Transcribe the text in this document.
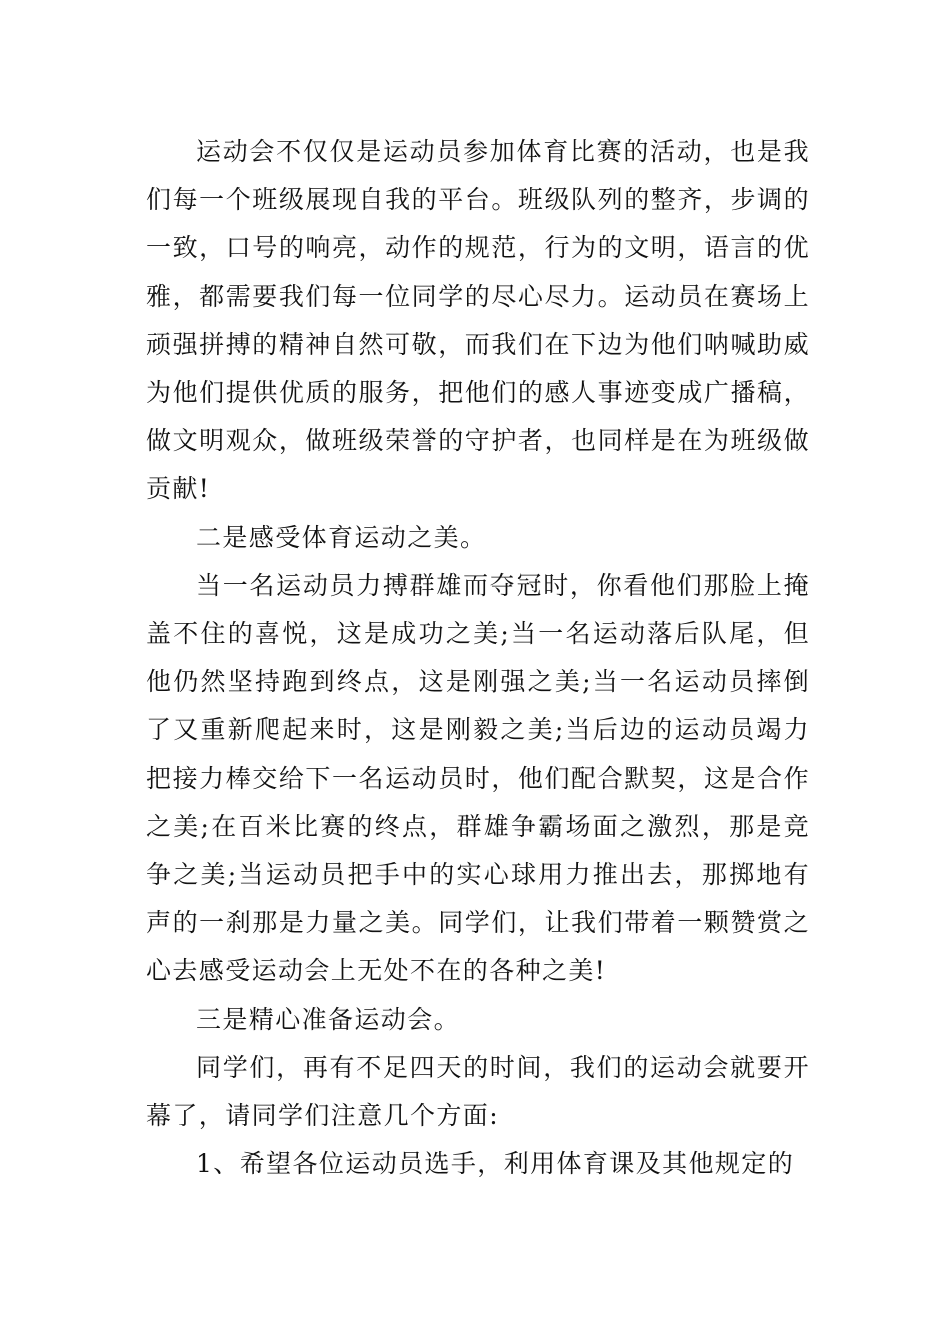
运动会不仅仅是运动员参加体育比赛的活动，也是我们每一个班级展现自我的平台。班级队列的整齐，步调的一致，口号的响亮，动作的规范，行为的文明，语言的优雅，都需要我们每一位同学的尽心尽力。运动员在赛场上顽强拼搏的精神自然可敬，而我们在下边为他们呐喊助威为他们提供优质的服务，把他们的感人事迹变成广播稿，做文明观众，做班级荣誉的守护者，也同样是在为班级做贡献!

二是感受体育运动之美。

当一名运动员力搏群雄而夺冠时，你看他们那脸上掩盖不住的喜悦，这是成功之美;当一名运动落后队尾，但他仍然坚持跑到终点，这是刚强之美;当一名运动员摔倒了又重新爬起来时，这是刚毅之美;当后边的运动员竭力把接力棒交给下一名运动员时，他们配合默契，这是合作之美;在百米比赛的终点，群雄争霸场面之激烈，那是竞争之美;当运动员把手中的实心球用力推出去，那掷地有声的一刹那是力量之美。同学们，让我们带着一颗赞赏之心去感受运动会上无处不在的各种之美!

三是精心准备运动会。

同学们，再有不足四天的时间，我们的运动会就要开幕了，请同学们注意几个方面:

1、希望各位运动员选手，利用体育课及其他规定的
